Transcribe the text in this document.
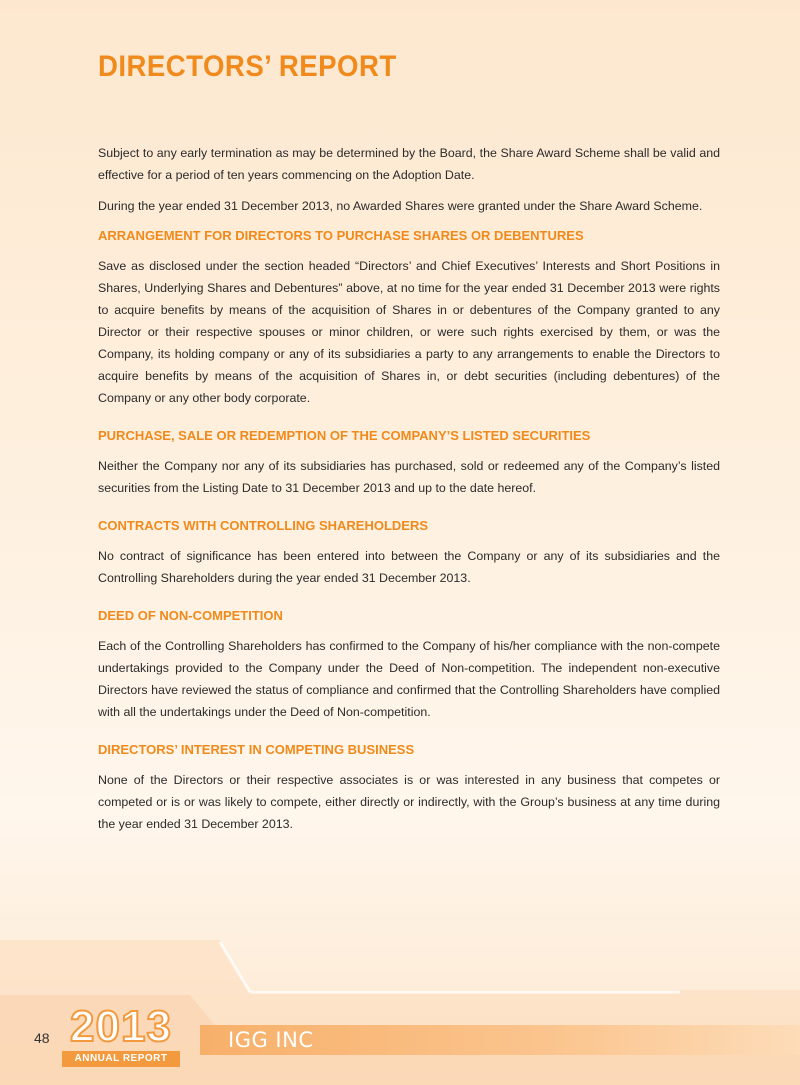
DIRECTORS’ REPORT

Subject to any early termination as may be determined by the Board, the Share Award Scheme shall be valid and effective for a period of ten years commencing on the Adoption Date.

During the year ended 31 December 2013, no Awarded Shares were granted under the Share Award Scheme.

ARRANGEMENT FOR DIRECTORS TO PURCHASE SHARES OR DEBENTURES

Save as disclosed under the section headed “Directors’ and Chief Executives’ Interests and Short Positions in Shares, Underlying Shares and Debentures” above, at no time for the year ended 31 December 2013 were rights to acquire benefits by means of the acquisition of Shares in or debentures of the Company granted to any Director or their respective spouses or minor children, or were such rights exercised by them, or was the Company, its holding company or any of its subsidiaries a party to any arrangements to enable the Directors to acquire benefits by means of the acquisition of Shares in, or debt securities (including debentures) of the Company or any other body corporate.

PURCHASE, SALE OR REDEMPTION OF THE COMPANY’S LISTED SECURITIES

Neither the Company nor any of its subsidiaries has purchased, sold or redeemed any of the Company’s listed securities from the Listing Date to 31 December 2013 and up to the date hereof.

CONTRACTS WITH CONTROLLING SHAREHOLDERS

No contract of significance has been entered into between the Company or any of its subsidiaries and the Controlling Shareholders during the year ended 31 December 2013.

DEED OF NON-COMPETITION

Each of the Controlling Shareholders has confirmed to the Company of his/her compliance with the non-compete undertakings provided to the Company under the Deed of Non-competition. The independent non-executive Directors have reviewed the status of compliance and confirmed that the Controlling Shareholders have complied with all the undertakings under the Deed of Non-competition.

DIRECTORS’ INTEREST IN COMPETING BUSINESS

None of the Directors or their respective associates is or was interested in any business that competes or competed or is or was likely to compete, either directly or indirectly, with the Group’s business at any time during the year ended 31 December 2013.

48 2013
ANNUAL REPORT
IGG INC
